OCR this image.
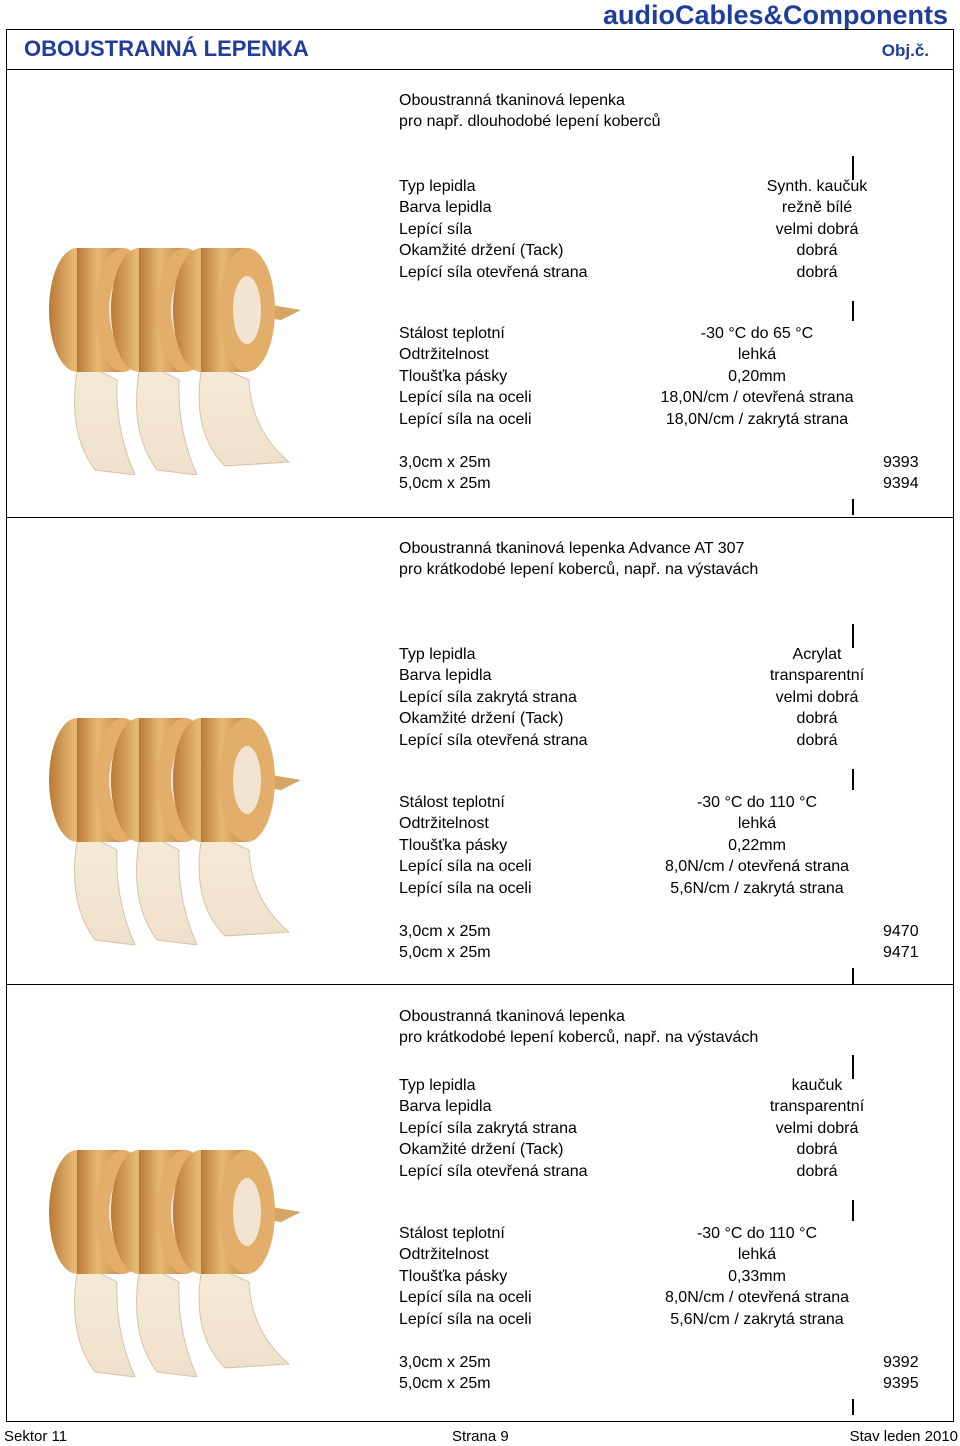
audioCables&Components
OBOUSTRANNÁ LEPENKA	Obj.č.
Oboustranná tkaninová lepenka
pro např. dlouhodobé lepení koberců
Typ lepidla	Synth. kaučuk
Barva lepidla	režně bílé
Lepící síla	velmi dobrá
Okamžité držení (Tack)	dobrá
Lepící síla otevřená strana	dobrá
Stálost teplotní	-30 °C do 65 °C
Odtržitelnost	lehká
Tloušťka pásky	0,20mm
Lepící síla na oceli	18,0N/cm / otevřená strana
Lepící síla na oceli	18,0N/cm / zakrytá strana
3,0cm x 25m	9393
5,0cm x 25m	9394
Oboustranná tkaninová lepenka Advance AT 307
pro krátkodobé lepení koberců, např. na výstavách
Typ lepidla	Acrylat
Barva lepidla	transparentní
Lepící síla zakrytá strana	velmi dobrá
Okamžité držení (Tack)	dobrá
Lepící síla otevřená strana	dobrá
Stálost teplotní	-30 °C do 110 °C
Odtržitelnost	lehká
Tloušťka pásky	0,22mm
Lepící síla na oceli	8,0N/cm / otevřená strana
Lepící síla na oceli	5,6N/cm / zakrytá strana
3,0cm x 25m	9470
5,0cm x 25m	9471
Oboustranná tkaninová lepenka
pro krátkodobé lepení koberců, např. na výstavách
Typ lepidla	kaučuk
Barva lepidla	transparentní
Lepící síla zakrytá strana	velmi dobrá
Okamžité držení (Tack)	dobrá
Lepící síla otevřená strana	dobrá
Stálost teplotní	-30 °C do 110 °C
Odtržitelnost	lehká
Tloušťka pásky	0,33mm
Lepící síla na oceli	8,0N/cm / otevřená strana
Lepící síla na oceli	5,6N/cm / zakrytá strana
3,0cm x 25m	9392
5,0cm x 25m	9395
Sektor 11	Strana 9	Stav leden 2010
